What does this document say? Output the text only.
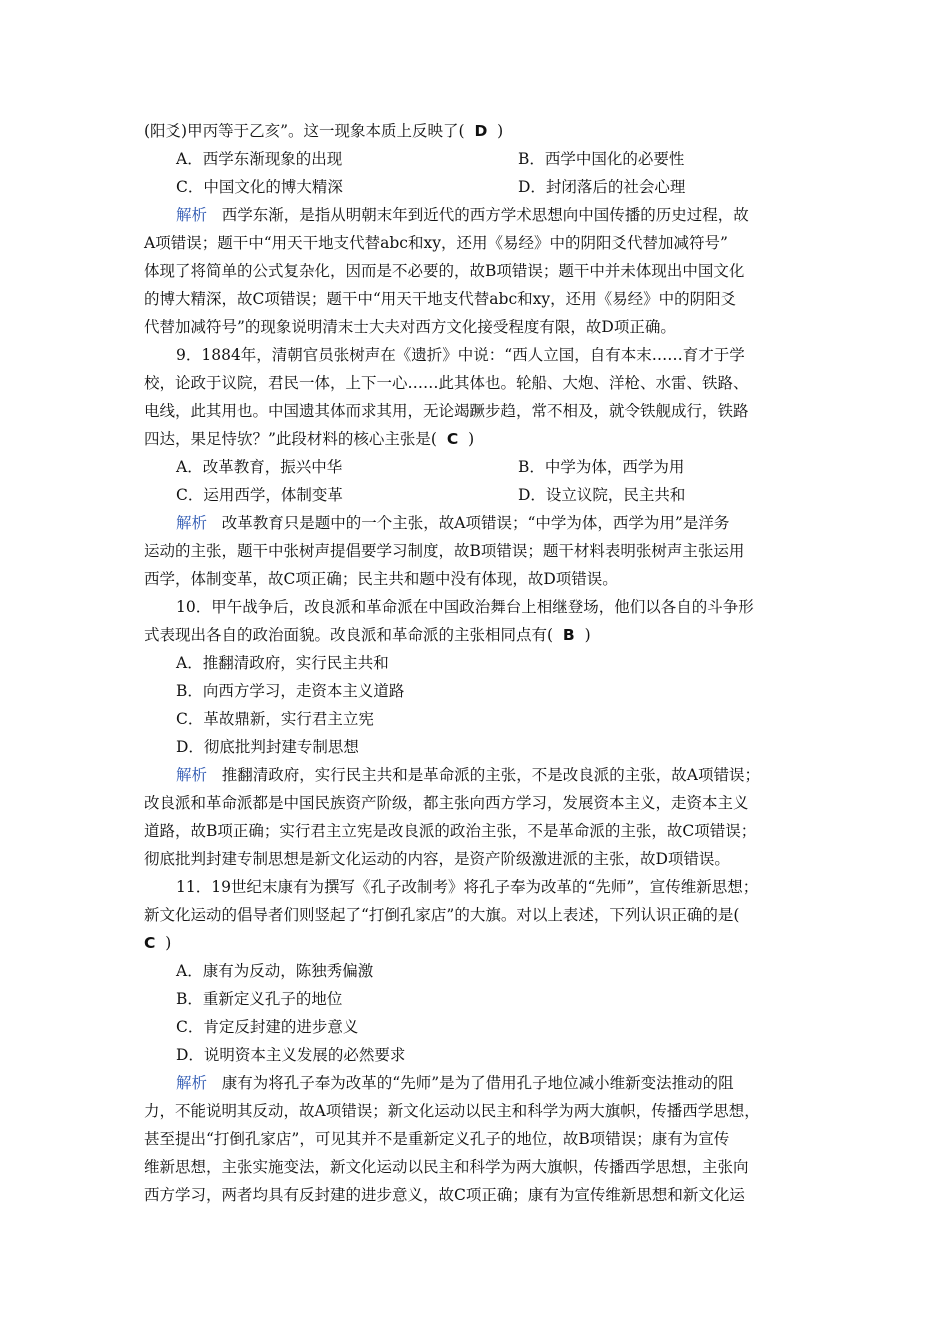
(阳爻)甲丙等于乙亥”。这一现象本质上反映了( D )
A．西学东渐现象的出现	B．西学中国化的必要性
C．中国文化的博大精深	D．封闭落后的社会心理
解析 西学东渐，是指从明朝末年到近代的西方学术思想向中国传播的历史过程，故
A项错误；题干中“用天干地支代替abc和xy，还用《易经》中的阴阳爻代替加减符号”
体现了将简单的公式复杂化，因而是不必要的，故B项错误；题干中并未体现出中国文化
的博大精深，故C项错误；题干中“用天干地支代替abc和xy，还用《易经》中的阴阳爻
代替加减符号”的现象说明清末士大夫对西方文化接受程度有限，故D项正确。
9．1884年，清朝官员张树声在《遗折》中说：“西人立国，自有本末……育才于学
校，论政于议院，君民一体，上下一心……此其体也。轮船、大炮、洋枪、水雷、铁路、
电线，此其用也。中国遗其体而求其用，无论竭蹶步趋，常不相及，就令铁舰成行，铁路
四达，果足恃欤？”此段材料的核心主张是( C )
A．改革教育，振兴中华	B．中学为体，西学为用
C．运用西学，体制变革	D．设立议院，民主共和
解析 改革教育只是题中的一个主张，故A项错误；“中学为体，西学为用”是洋务
运动的主张，题干中张树声提倡要学习制度，故B项错误；题干材料表明张树声主张运用
西学，体制变革，故C项正确；民主共和题中没有体现，故D项错误。
10．甲午战争后，改良派和革命派在中国政治舞台上相继登场，他们以各自的斗争形
式表现出各自的政治面貌。改良派和革命派的主张相同点有( B )
A．推翻清政府，实行民主共和
B．向西方学习，走资本主义道路
C．革故鼎新，实行君主立宪
D．彻底批判封建专制思想
解析 推翻清政府，实行民主共和是革命派的主张，不是改良派的主张，故A项错误；
改良派和革命派都是中国民族资产阶级，都主张向西方学习，发展资本主义，走资本主义
道路，故B项正确；实行君主立宪是改良派的政治主张，不是革命派的主张，故C项错误；
彻底批判封建专制思想是新文化运动的内容，是资产阶级激进派的主张，故D项错误。
11．19世纪末康有为撰写《孔子改制考》将孔子奉为改革的“先师”，宣传维新思想；
新文化运动的倡导者们则竖起了“打倒孔家店”的大旗。对以上表述，下列认识正确的是(
C )
A．康有为反动，陈独秀偏激
B．重新定义孔子的地位
C．肯定反封建的进步意义
D．说明资本主义发展的必然要求
解析 康有为将孔子奉为改革的“先师”是为了借用孔子地位减小维新变法推动的阻
力，不能说明其反动，故A项错误；新文化运动以民主和科学为两大旗帜，传播西学思想，
甚至提出“打倒孔家店”，可见其并不是重新定义孔子的地位，故B项错误；康有为宣传
维新思想，主张实施变法，新文化运动以民主和科学为两大旗帜，传播西学思想，主张向
西方学习，两者均具有反封建的进步意义，故C项正确；康有为宣传维新思想和新文化运
